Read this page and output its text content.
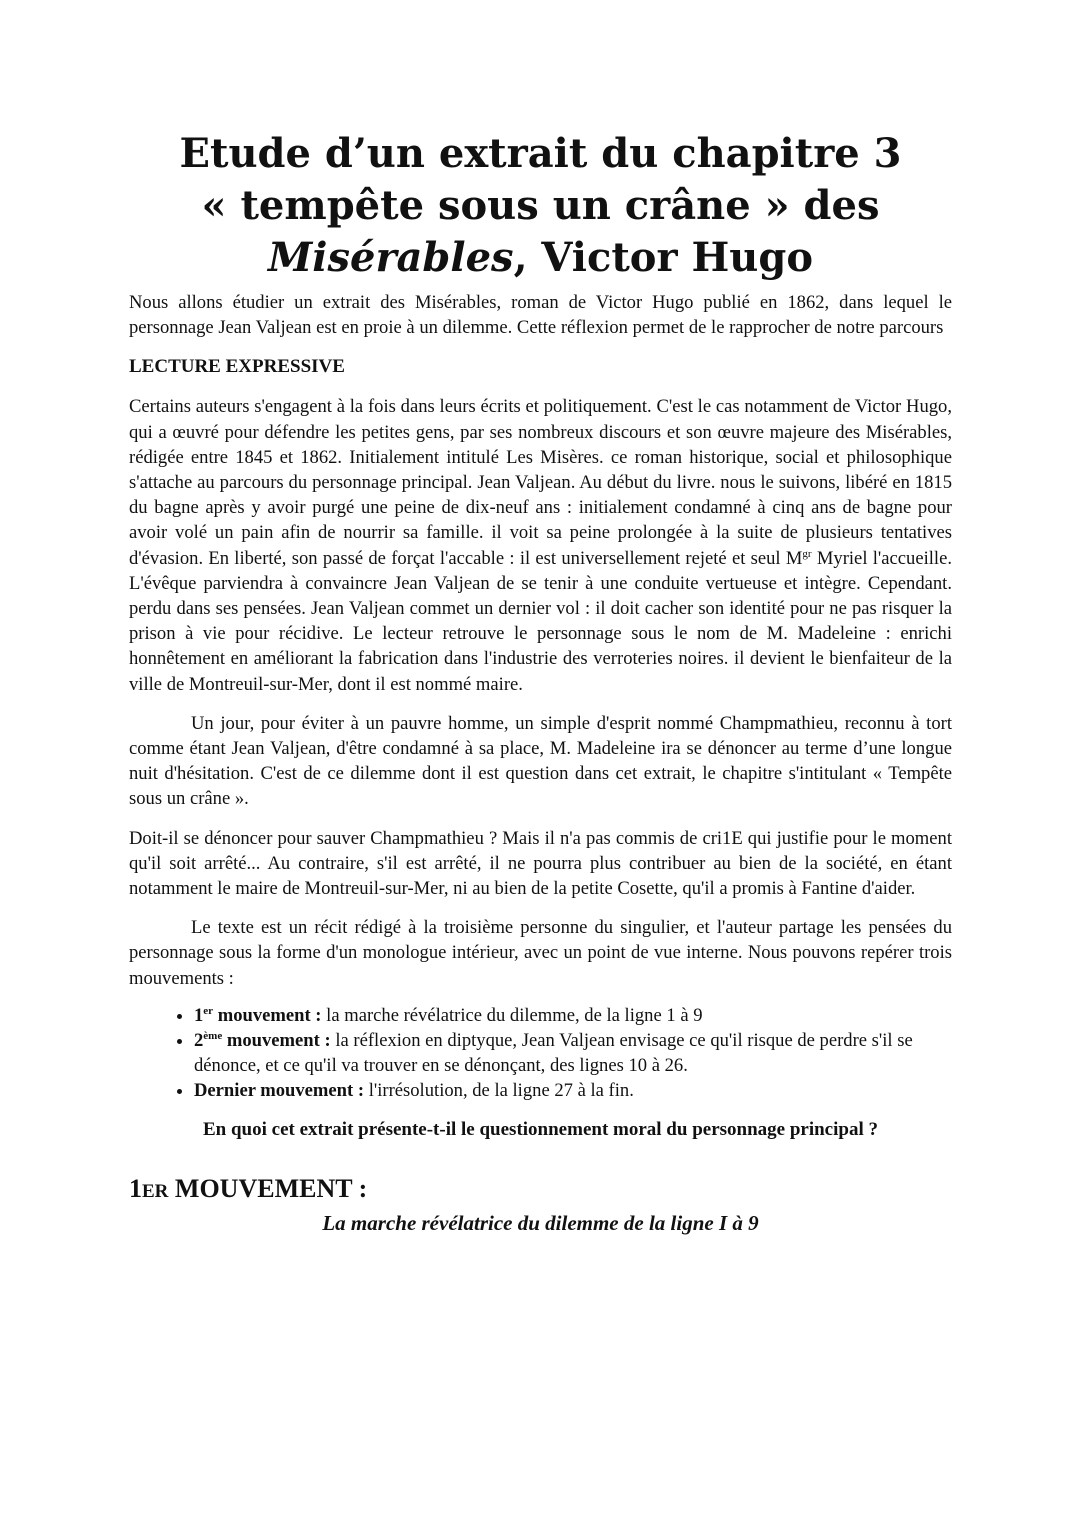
Etude d’un extrait du chapitre 3
« tempête sous un crâne » des
Misérables, Victor Hugo

Nous allons étudier un extrait des Misérables, roman de Victor Hugo publié en 1862, dans lequel le personnage Jean Valjean est en proie à un dilemme. Cette réflexion permet de le rapprocher de notre parcours

LECTURE EXPRESSIVE

Certains auteurs s'engagent à la fois dans leurs écrits et politiquement. C'est le cas notamment de Victor Hugo, qui a œuvré pour défendre les petites gens, par ses nombreux discours et son œuvre majeure des Misérables, rédigée entre 1845 et 1862. Initialement intitulé Les Misères. ce roman historique, social et philosophique s'attache au parcours du personnage principal. Jean Valjean. Au début du livre. nous le suivons, libéré en 1815 du bagne après y avoir purgé une peine de dix-neuf ans : initialement condamné à cinq ans de bagne pour avoir volé un pain afin de nourrir sa famille. il voit sa peine prolongée à la suite de plusieurs tentatives d'évasion. En liberté, son passé de forçat l'accable : il est universellement rejeté et seul $M^{gr}$ Myriel l'accueille. L'évêque parviendra à convaincre Jean Valjean de se tenir à une conduite vertueuse et intègre. Cependant. perdu dans ses pensées. Jean Valjean commet un dernier vol : il doit cacher son identité pour ne pas risquer la prison à vie pour récidive. Le lecteur retrouve le personnage sous le nom de M. Madeleine : enrichi honnêtement en améliorant la fabrication dans l'industrie des verroteries noires. il devient le bienfaiteur de la ville de Montreuil-sur-Mer, dont il est nommé maire.

Un jour, pour éviter à un pauvre homme, un simple d'esprit nommé Champmathieu, reconnu à tort comme étant Jean Valjean, d'être condamné à sa place, M. Madeleine ira se dénoncer au terme d’une longue nuit d'hésitation. C'est de ce dilemme dont il est question dans cet extrait, le chapitre s'intitulant « Tempête sous un crâne ».

Doit-il se dénoncer pour sauver Champmathieu ? Mais il n'a pas commis de cri1E qui justifie pour le moment qu'il soit arrêté... Au contraire, s'il est arrêté, il ne pourra plus contribuer au bien de la société, en étant notamment le maire de Montreuil-sur-Mer, ni au bien de la petite Cosette, qu'il a promis à Fantine d'aider.

Le texte est un récit rédigé à la troisième personne du singulier, et l'auteur partage les pensées du personnage sous la forme d'un monologue intérieur, avec un point de vue interne. Nous pouvons repérer trois mouvements :

• 1er mouvement : la marche révélatrice du dilemme, de la ligne 1 à 9
• 2ème mouvement : la réflexion en diptyque, Jean Valjean envisage ce qu'il risque de perdre s'il se dénonce, et ce qu'il va trouver en se dénonçant, des lignes 10 à 26.
• Dernier mouvement : l'irrésolution, de la ligne 27 à la fin.
En quoi cet extrait présente-t-il le questionnement moral du personnage principal ?
1ER MOUVEMENT :
La marche révélatrice du dilemme de la ligne I à 9
